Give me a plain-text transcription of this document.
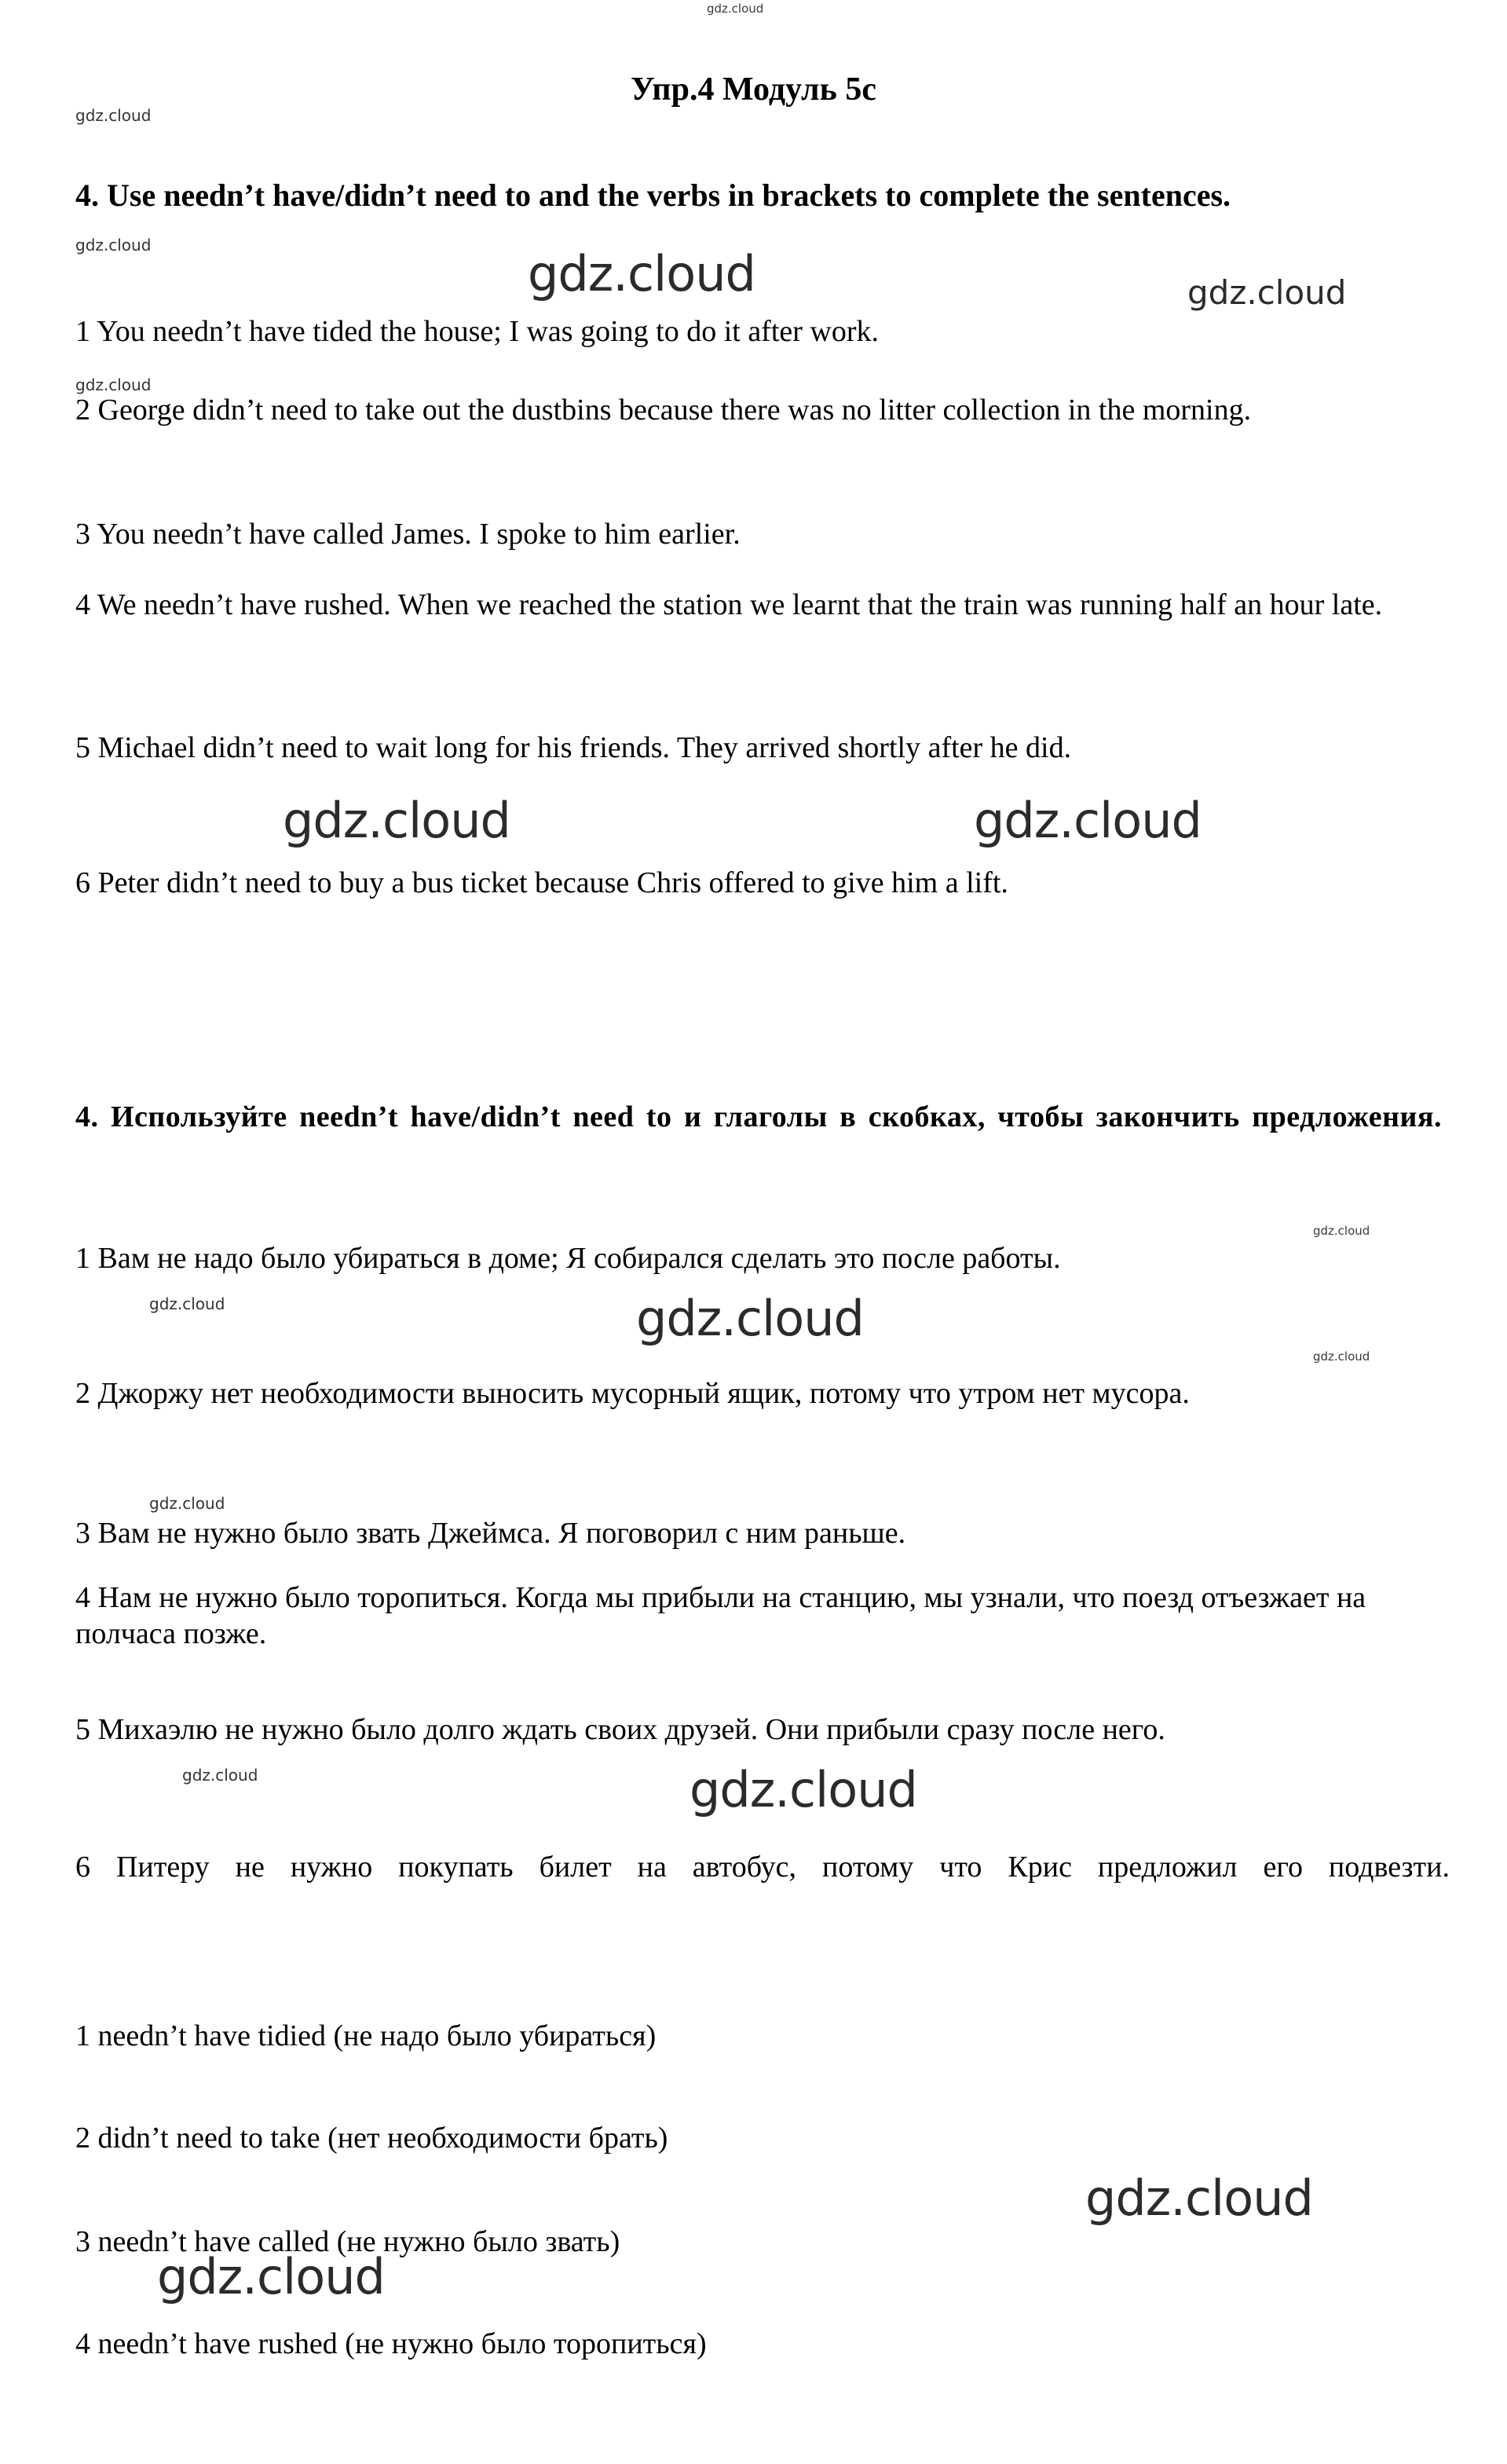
gdz.cloud
gdz.cloud
Упр.4 Модуль 5c
4. Use needn’t have/didn’t need to and the verbs in brackets to complete the sentences.
gdz.cloud	gdz.cloud	gdz.cloud
1 You needn’t have tided the house; I was going to do it after work.
gdz.cloud
2 George didn’t need to take out the dustbins because there was no litter collection in the morning.
3 You needn’t have called James. I spoke to him earlier.
4 We needn’t have rushed. When we reached the station we learnt that the train was running half an hour late.
5 Michael didn’t need to wait long for his friends. They arrived shortly after he did.
gdz.cloud	gdz.cloud
6 Peter didn’t need to buy a bus ticket because Chris offered to give him a lift.
4. Используйте needn’t have/didn’t need to и глаголы в скобках, чтобы закончить предложения.
gdz.cloud
1 Вам не надо было убираться в доме; Я собирался сделать это после работы.
gdz.cloud	gdz.cloud
gdz.cloud
2 Джоржу нет необходимости выносить мусорный ящик, потому что утром нет мусора.
gdz.cloud
3 Вам не нужно было звать Джеймса. Я поговорил с ним раньше.
4 Нам не нужно было торопиться. Когда мы прибыли на станцию, мы узнали, что поезд отъезжает на полчаса позже.
5 Михаэлю не нужно было долго ждать своих друзей. Они прибыли сразу после него.
gdz.cloud	gdz.cloud
6 Питеру не нужно покупать билет на автобус, потому что Крис предложил его подвезти.
1 needn’t have tidied (не надо было убираться)
2 didn’t need to take (нет необходимости брать)
gdz.cloud
3 needn’t have called (не нужно было звать)
gdz.cloud
4 needn’t have rushed (не нужно было торопиться)
